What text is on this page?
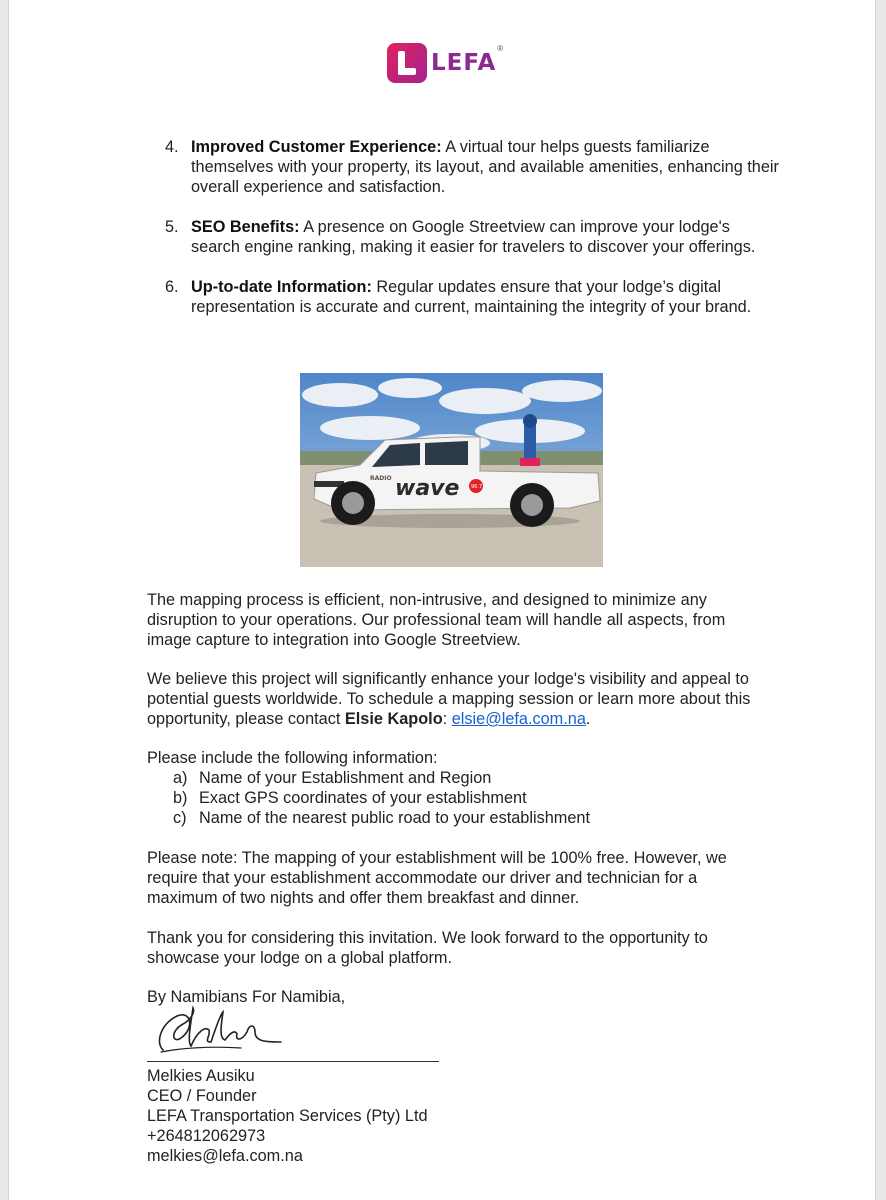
LEFA
®
4. Improved Customer Experience: A virtual tour helps guests familiarize themselves with your property, its layout, and available amenities, enhancing their overall experience and satisfaction.
5. SEO Benefits: A presence on Google Streetview can improve your lodge's search engine ranking, making it easier for travelers to discover your offerings.
6. Up-to-date Information: Regular updates ensure that your lodge’s digital representation is accurate and current, maintaining the integrity of your brand.
RADIO wave 96.7
The mapping process is efficient, non-intrusive, and designed to minimize any disruption to your operations. Our professional team will handle all aspects, from image capture to integration into Google Streetview.
We believe this project will significantly enhance your lodge's visibility and appeal to potential guests worldwide. To schedule a mapping session or learn more about this opportunity, please contact Elsie Kapolo: elsie@lefa.com.na.
Please include the following information:
a) Name of your Establishment and Region
b) Exact GPS coordinates of your establishment
c) Name of the nearest public road to your establishment
Please note: The mapping of your establishment will be 100% free. However, we require that your establishment accommodate our driver and technician for a maximum of two nights and offer them breakfast and dinner.
Thank you for considering this invitation. We look forward to the opportunity to showcase your lodge on a global platform.
By Namibians For Namibia,
Melkies Ausiku
CEO / Founder
LEFA Transportation Services (Pty) Ltd
+264812062973
melkies@lefa.com.na
